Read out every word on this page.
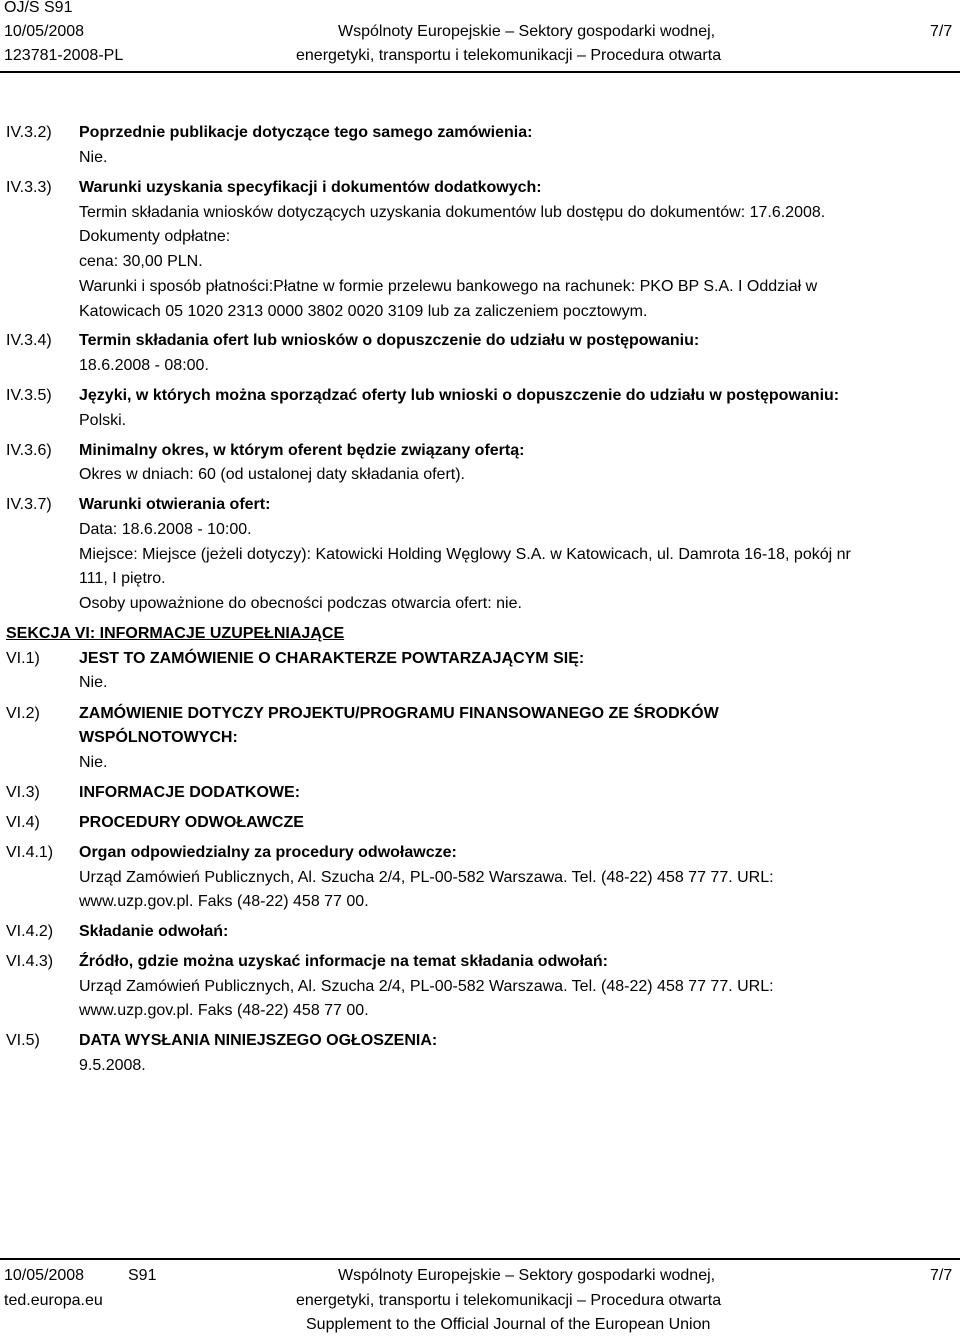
OJ/S S91
10/05/2008
123781-2008-PL
Wspólnoty Europejskie – Sektory gospodarki wodnej,
energetyki, transportu i telekomunikacji – Procedura otwarta
7/7
IV.3.2) Poprzednie publikacje dotyczące tego samego zamówienia:
Nie.
IV.3.3) Warunki uzyskania specyfikacji i dokumentów dodatkowych:
Termin składania wniosków dotyczących uzyskania dokumentów lub dostępu do dokumentów: 17.6.2008.
Dokumenty odpłatne:
cena: 30,00 PLN.
Warunki i sposób płatności:Płatne w formie przelewu bankowego na rachunek: PKO BP S.A. I Oddział w
Katowicach 05 1020 2313 0000 3802 0020 3109 lub za zaliczeniem pocztowym.
IV.3.4) Termin składania ofert lub wniosków o dopuszczenie do udziału w postępowaniu:
18.6.2008 - 08:00.
IV.3.5) Języki, w których można sporządzać oferty lub wnioski o dopuszczenie do udziału w postępowaniu:
Polski.
IV.3.6) Minimalny okres, w którym oferent będzie związany ofertą:
Okres w dniach: 60 (od ustalonej daty składania ofert).
IV.3.7) Warunki otwierania ofert:
Data: 18.6.2008 - 10:00.
Miejsce: Miejsce (jeżeli dotyczy): Katowicki Holding Węglowy S.A. w Katowicach, ul. Damrota 16-18, pokój nr
111, I piętro.
Osoby upoważnione do obecności podczas otwarcia ofert: nie.
SEKCJA VI: INFORMACJE UZUPEŁNIAJĄCE
VI.1) JEST TO ZAMÓWIENIE O CHARAKTERZE POWTARZAJĄCYM SIĘ:
Nie.
VI.2) ZAMÓWIENIE DOTYCZY PROJEKTU/PROGRAMU FINANSOWANEGO ZE ŚRODKÓW
WSPÓLNOTOWYCH:
Nie.
VI.3) INFORMACJE DODATKOWE:
VI.4) PROCEDURY ODWOŁAWCZE
VI.4.1) Organ odpowiedzialny za procedury odwoławcze:
Urząd Zamówień Publicznych, Al. Szucha 2/4, PL-00-582 Warszawa. Tel. (48-22) 458 77 77. URL:
www.uzp.gov.pl. Faks (48-22) 458 77 00.
VI.4.2) Składanie odwołań:
VI.4.3) Źródło, gdzie można uzyskać informacje na temat składania odwołań:
Urząd Zamówień Publicznych, Al. Szucha 2/4, PL-00-582 Warszawa. Tel. (48-22) 458 77 77. URL:
www.uzp.gov.pl. Faks (48-22) 458 77 00.
VI.5) DATA WYSŁANIA NINIEJSZEGO OGŁOSZENIA:
9.5.2008.
10/05/2008	S91
ted.europa.eu
Wspólnoty Europejskie – Sektory gospodarki wodnej,
energetyki, transportu i telekomunikacji – Procedura otwarta
Supplement to the Official Journal of the European Union
7/7
